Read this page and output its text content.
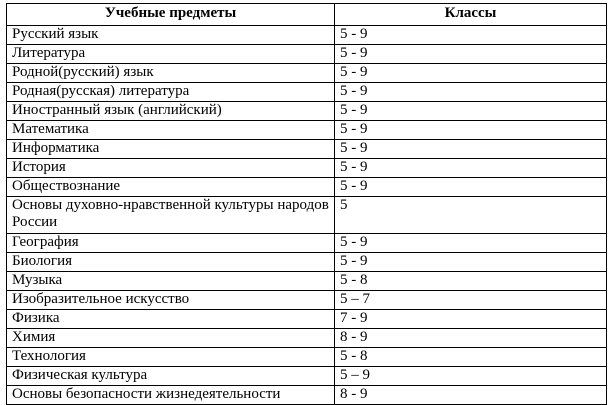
Учебные предметы	Классы
Русский язык	5 - 9
Литература	5 - 9
Родной(русский) язык	5 - 9
Родная(русская) литература	5 - 9
Иностранный язык (английский)	5 - 9
Математика	5 - 9
Информатика	5 - 9
История	5 - 9
Обществознание	5 - 9
Основы духовно-нравственной культуры народов России	5
География	5 - 9
Биология	5 - 9
Музыка	5 - 8
Изобразительное искусство	5 – 7
Физика	7 - 9
Химия	8 - 9
Технология	5 - 8
Физическая культура	5 – 9
Основы безопасности жизнедеятельности	8 - 9
